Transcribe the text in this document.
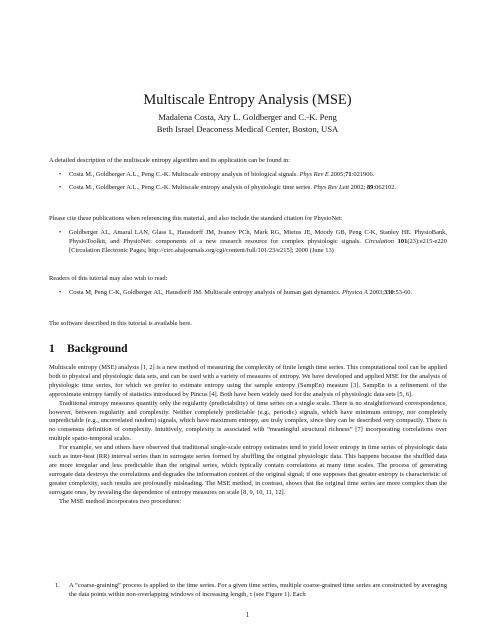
Multiscale Entropy Analysis (MSE)
Madalena Costa, Ary L. Goldberger and C.-K. Peng
Beth Israel Deaconess Medical Center, Boston, USA
A detailed description of the multiscale entropy algorithm and its application can be found in:
• Costa M., Goldberger A.L., Peng C.-K. Multiscale entropy analysis of biological signals. Phys Rev E 2005;71:021906.
• Costa M., Goldberger A.L., Peng C.-K. Multiscale entropy analysis of physiologic time series. Phys Rev Lett 2002; 89:062102.
Please cite these publications when referencing this material, and also include the standard citation for PhysioNet:
• Goldberger AL, Amaral LAN, Glass L, Hausdorff JM, Ivanov PCh, Mark RG, Mietus JE, Moody GB, Peng C-K, Stanley HE. PhysioBank, PhysioToolkit, and PhysioNet: components of a new research resource for complex physiologic signals. Circulation 101(23):e215-e220 [Circulation Electronic Pages; http://circ.ahajournals.org/cgi/content/full/101/23/e215]; 2000 (June 13)
Readers of this tutorial may also wish to read:
• Costa M, Peng C-K, Goldberger AL, Hausdorff JM. Multiscale entropy analysis of human gait dynamics. Physica A 2003;330:53-60.
The software described in this tutorial is available here.
1 Background

Multiscale entropy (MSE) analysis [1, 2] is a new method of measuring the complexity of finite length time series. This computational tool can be applied both to physical and physiologic data sets, and can be used with a variety of measures of entropy. We have developed and applied MSE for the analysis of physiologic time series, for which we prefer to estimate entropy using the sample entropy (SampEn) measure [3]. SampEn is a refinement of the approximate entropy family of statistics introduced by Pincus [4]. Both have been widely used for the analysis of physiologic data sets [5, 6].

Traditional entropy measures quantify only the regularity (predictability) of time series on a single scale. There is no straightforward correspondence, however, between regularity and complexity. Neither completely predictable (e.g., periodic) signals, which have minimum entropy, nor completely unpredictable (e.g., uncorrelated random) signals, which have maximum entropy, are truly complex, since they can be described very compactly. There is no consensus definition of complexity. Intuitively, complexity is associated with “meaningful structural richness” [7] incorporating correlations over multiple spatio-temporal scales.

For example, we and others have observed that traditional single-scale entropy estimates tend to yield lower entropy in time series of physiologic data such as inter-beat (RR) interval series than in surrogate series formed by shuffling the original physiologic data. This happens because the shuffled data are more irregular and less predictable than the original series, which typically contain correlations at many time scales. The process of generating surrogate data destroys the correlations and degrades the information content of the original signal; if one supposes that greater entropy is characteristic of greater complexity, such results are profoundly misleading. The MSE method, in contrast, shows that the original time series are more complex than the surrogate ones, by revealing the dependence of entropy measures on scale [8, 9, 10, 11, 12].

The MSE method incorporates two procedures:

1. A “coarse-graining” process is applied to the time series. For a given time series, multiple coarse-grained time series are constructed by averaging the data points within non-overlapping windows of increasing length, τ (see Figure 1). Each
1
